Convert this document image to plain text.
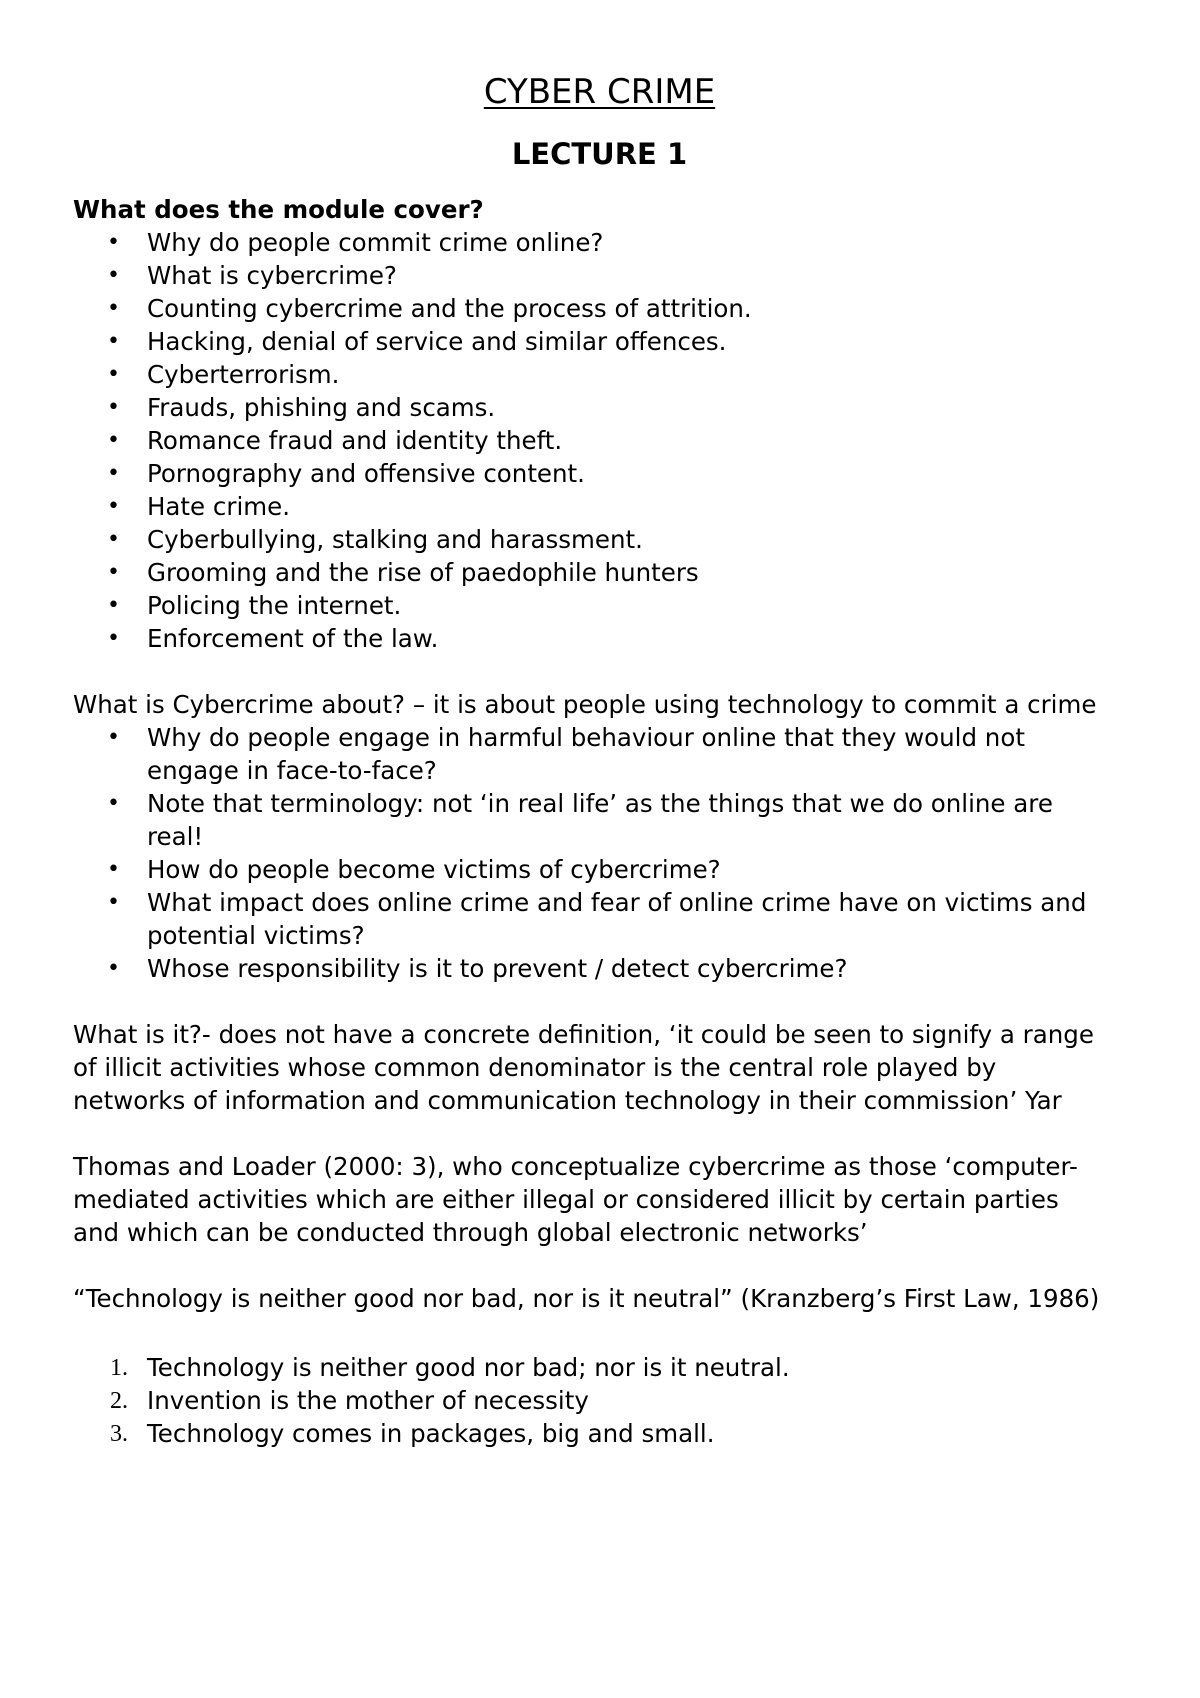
CYBER CRIME
LECTURE 1

What does the module cover?

• Why do people commit crime online?
• What is cybercrime?
• Counting cybercrime and the process of attrition.
• Hacking, denial of service and similar offences.
• Cyberterrorism.
• Frauds, phishing and scams.
• Romance fraud and identity theft.
• Pornography and offensive content.
• Hate crime.
• Cyberbullying, stalking and harassment.
• Grooming and the rise of paedophile hunters
• Policing the internet.
• Enforcement of the law.

What is Cybercrime about? – it is about people using technology to commit a crime

• Why do people engage in harmful behaviour online that they would not engage in face-to-face?
• Note that terminology: not ‘in real life’ as the things that we do online are real!
• How do people become victims of cybercrime?
• What impact does online crime and fear of online crime have on victims and potential victims?
• Whose responsibility is it to prevent / detect cybercrime?

What is it?- does not have a concrete definition, ‘it could be seen to signify a range of illicit activities whose common denominator is the central role played by networks of information and communication technology in their commission’ Yar

Thomas and Loader (2000: 3), who conceptualize cybercrime as those ‘computer-mediated activities which are either illegal or considered illicit by certain parties and which can be conducted through global electronic networks’

“Technology is neither good nor bad, nor is it neutral” (Kranzberg’s First Law, 1986)

1. Technology is neither good nor bad; nor is it neutral.
2. Invention is the mother of necessity
3. Technology comes in packages, big and small.
